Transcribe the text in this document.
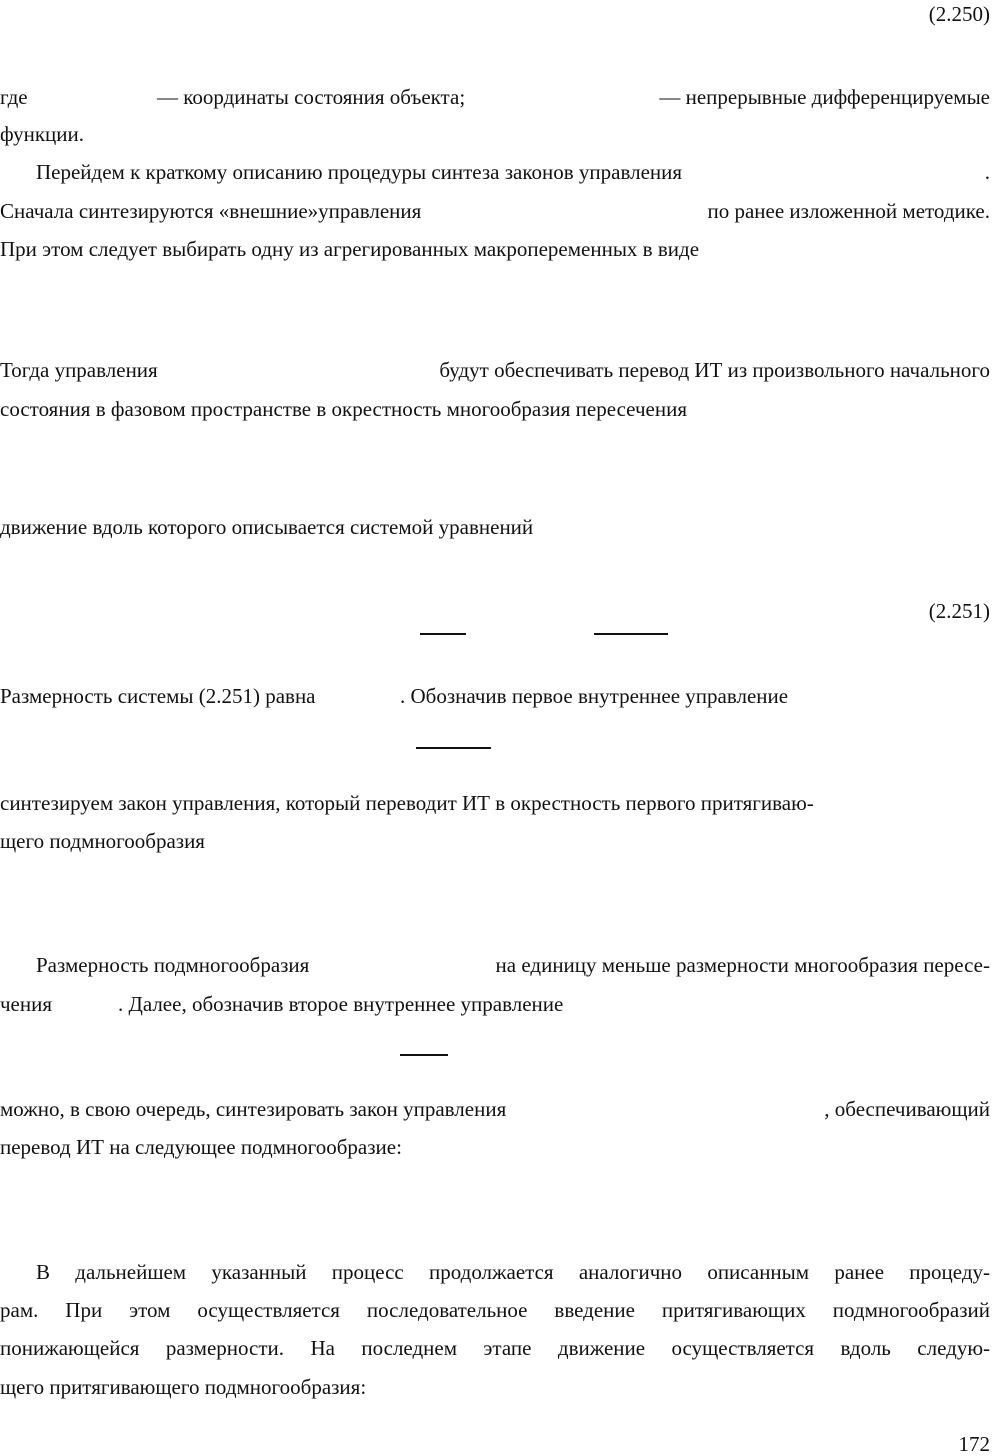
(2.250)
где	— координаты состояния объекта;	— непрерывные дифференцируемые
функции.
Перейдем к краткому описанию процедуры синтеза законов управления	.
Сначала синтезируются «внешние»управления	по ранее изложенной методике.
При этом следует выбирать одну из агрегированных макропеременных в виде
Тогда управления	будут обеспечивать перевод ИТ из произвольного начального
состояния в фазовом пространстве в окрестность многообразия пересечения
движение вдоль которого описывается системой уравнений
(2.251)
Размерность системы (2.251) равна	. Обозначив первое внутреннее управление
синтезируем закон управления, который переводит ИТ в окрестность первого притягиваю-
щего подмногообразия
Размерность подмногообразия	на единицу меньше размерности многообразия пересе-
чения	. Далее, обозначив второе внутреннее управление
можно, в свою очередь, синтезировать закон управления	, обеспечивающий
перевод ИТ на следующее подмногообразие:
В дальнейшем указанный процесс продолжается аналогично описанным ранее процеду-
рам. При этом осуществляется последовательное введение притягивающих подмногообразий
понижающейся размерности. На последнем этапе движение осуществляется вдоль следую-
щего притягивающего подмногообразия:
172
